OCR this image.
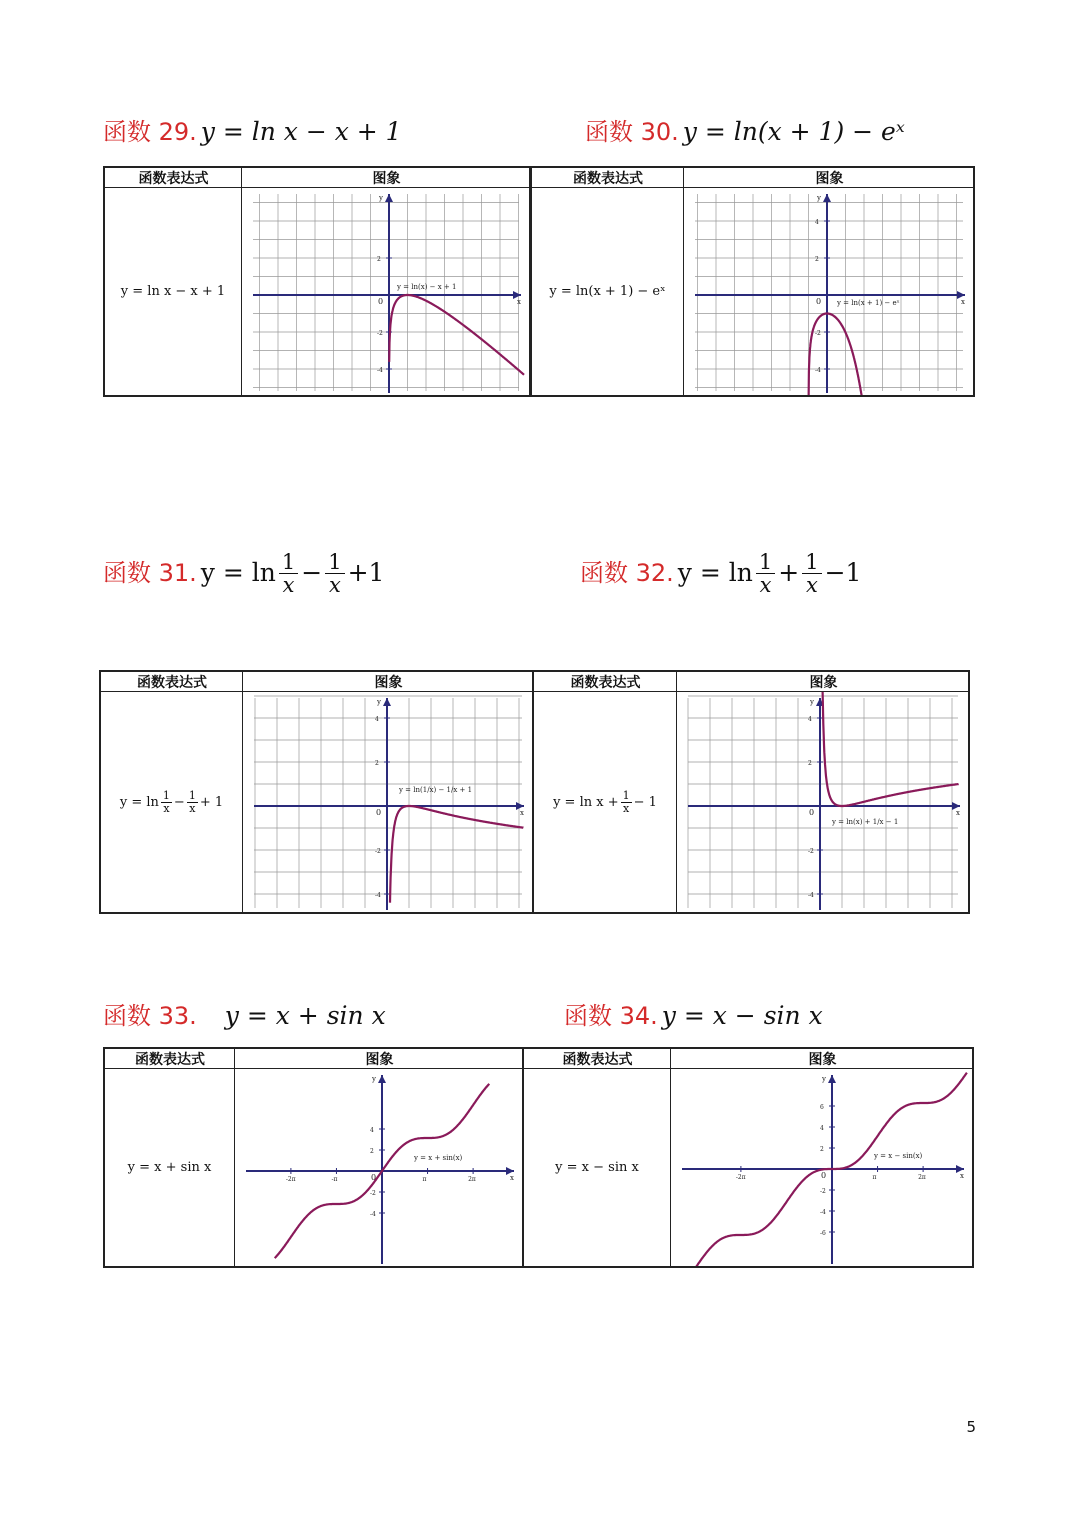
函数 29. y = ln x − x + 1	函数 30. y = ln(x + 1) − eˣ
函数 31. $y = \ln \frac{1}{x} - \frac{1}{x} +1$	函数 32. $y = \ln \frac{1}{x} + \frac{1}{x} -1$
函数 33. y = x + sin x	函数 34. y = x − sin x
函数表达式	图象
y = ln x − x + 1
x
y
2
0
-2
-4
y = ln(x) − x + 1
函数表达式	图象
y = ln(x + 1) − eˣ
x
y
4
2
0
-2
-4
y = ln(x + 1) − eˣ
函数表达式	图象
$y = \ln \frac{1}{x} - \frac{1}{x} + 1$
x
y
4
2
0
-2
-4
y = ln(1/x) − 1/x + 1
函数表达式	图象
$y = \ln x + \frac{1}{x} - 1$
x
y
4
2
0
-2
-4
y = ln(x) + 1/x − 1
函数表达式	图象
y = x + sin x
x
y
-2π	-π	π	2π
4
2
0
-2
-4
y = x + sin(x)
函数表达式	图象
y = x − sin x
x
y
-2π	π	2π
6
4
2
0
-2
-4
-6
y = x − sin(x)
5
